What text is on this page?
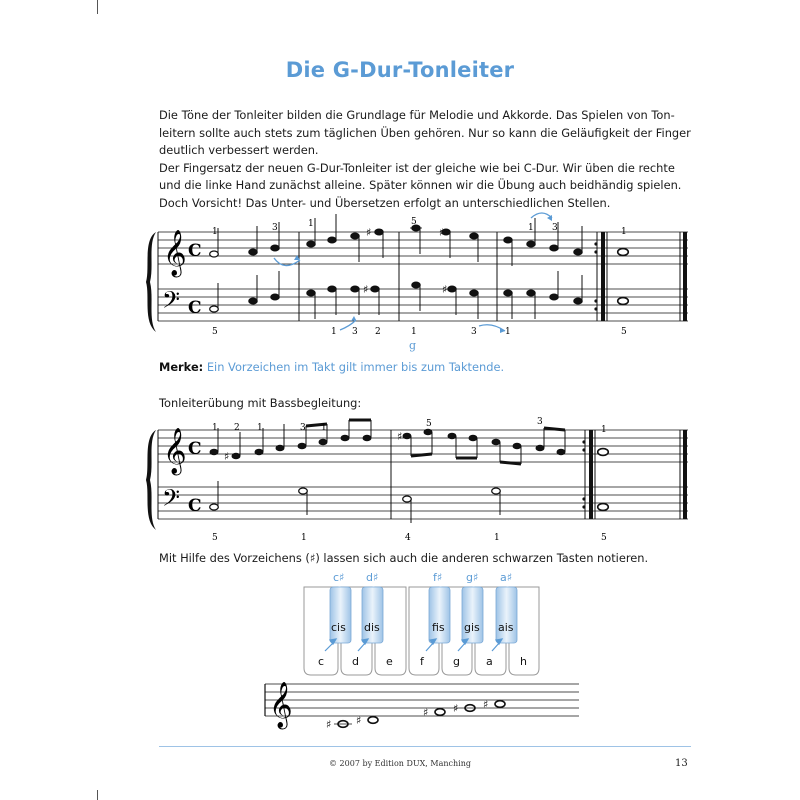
Die G-Dur-Tonleiter
Die Töne der Tonleiter bilden die Grundlage für Melodie und Akkorde. Das Spielen von Ton-
leitern sollte auch stets zum täglichen Üben gehören. Nur so kann die Geläufigkeit der Finger
deutlich verbessert werden.
Der Fingersatz der neuen G-Dur-Tonleiter ist der gleiche wie bei C-Dur. Wir üben die rechte
und die linke Hand zunächst alleine. Später können wir die Übung auch beidhändig spielen.
Doch Vorsicht! Das Unter- und Übersetzen erfolgt an unterschiedlichen Stellen.
𝄞
𝄢
C
C
♯	♯
♯	♯
1	3	1	5
1 3	1
5	1 3 2	1	3	1	5
g
Merke: Ein Vorzeichen im Takt gilt immer bis zum Taktende.
Tonleiterübung mit Bassbegleitung:
𝄞
𝄢
C
C
♯
♯
1 2 1	3 1	5	3
1
5	1	4	1	5
Mit Hilfe des Vorzeichens (♯) lassen sich auch die anderen schwarzen Tasten notieren.
c♯ d♯	f♯ g♯ a♯
cis dis	fis gis ais
c	d e f	g a h
𝄞	♯ ♯
♯ ♯ ♯
© 2007 by Edition DUX, Manching	13
